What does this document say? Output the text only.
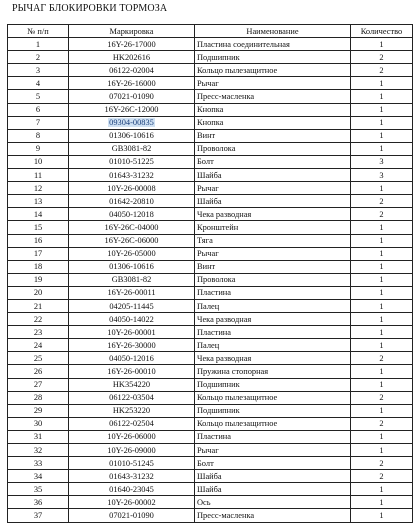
РЫЧАГ БЛОКИРОВКИ ТОРМОЗА
№ п/п	Маркировка	Наименование	Количество
1	16Y-26-17000	Пластина соединительная	1
2	HK202616	Подшипник	2
3	06122-02004	Кольцо пылезащитное	2
4	16Y-26-16000	Рычаг	1
5	07021-01090	Пресс-масленка	1
6	16Y-26C-12000	Кнопка	1
7	09304-00835	Кнопка	1
8	01306-10616	Винт	1
9	GB3081-82	Проволока	1
10	01010-51225	Болт	3
11	01643-31232	Шайба	3
12	10Y-26-00008	Рычаг	1
13	01642-20810	Шайба	2
14	04050-12018	Чека разводная	2
15	16Y-26C-04000	Кронштейн	1
16	16Y-26C-06000	Тяга	1
17	10Y-26-05000	Рычаг	1
18	01306-10616	Винт	1
19	GB3081-82	Проволока	1
20	16Y-26-00011	Пластина	1
21	04205-11445	Палец	1
22	04050-14022	Чека разводная	1
23	10Y-26-00001	Пластина	1
24	16Y-26-30000	Палец	1
25	04050-12016	Чека разводная	2
26	16Y-26-00010	Пружина стопорная	1
27	HK354220	Подшипник	1
28	06122-03504	Кольцо пылезащитное	2
29	HK253220	Подшипник	1
30	06122-02504	Кольцо пылезащитное	2
31	10Y-26-06000	Пластина	1
32	10Y-26-09000	Рычаг	1
33	01010-51245	Болт	2
34	01643-31232	Шайба	2
35	01640-23045	Шайба	1
36	10Y-26-00002	Ось	1
37	07021-01090	Пресс-масленка	1
